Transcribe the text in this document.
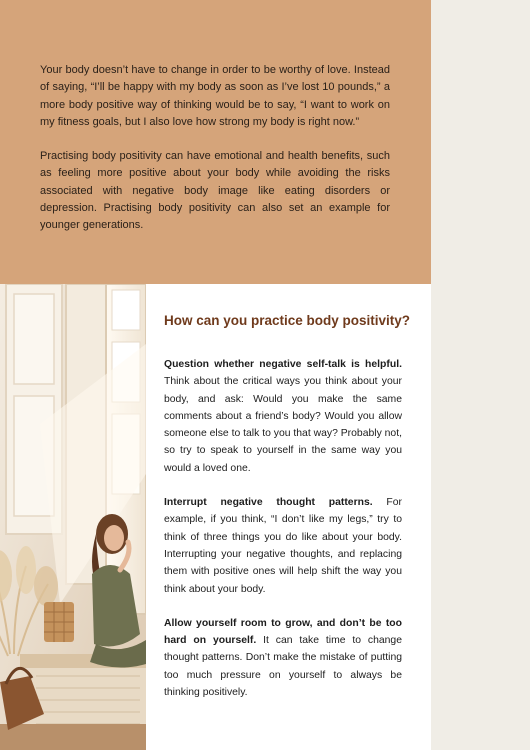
Your body doesn’t have to change in order to be worthy of love. Instead of saying, “I’ll be happy with my body as soon as I’ve lost 10 pounds,” a more body positive way of thinking would be to say, “I want to work on my fitness goals, but I also love how strong my body is right now.”

Practising body positivity can have emotional and health benefits, such as feeling more positive about your body while avoiding the risks associated with negative body image like eating disorders or depression. Practising body positivity can also set an example for younger generations.

How can you practice body positivity?

Question whether negative self-talk is helpful. Think about the critical ways you think about your body, and ask: Would you make the same comments about a friend’s body? Would you allow someone else to talk to you that way? Probably not, so try to speak to yourself in the same way you would a loved one.

Interrupt negative thought patterns. For example, if you think, “I don’t like my legs,” try to think of three things you do like about your body. Interrupting your negative thoughts, and replacing them with positive ones will help shift the way you think about your body.

Allow yourself room to grow, and don’t be too hard on yourself. It can take time to change thought patterns. Don’t make the mistake of putting too much pressure on yourself to always be thinking positively.
